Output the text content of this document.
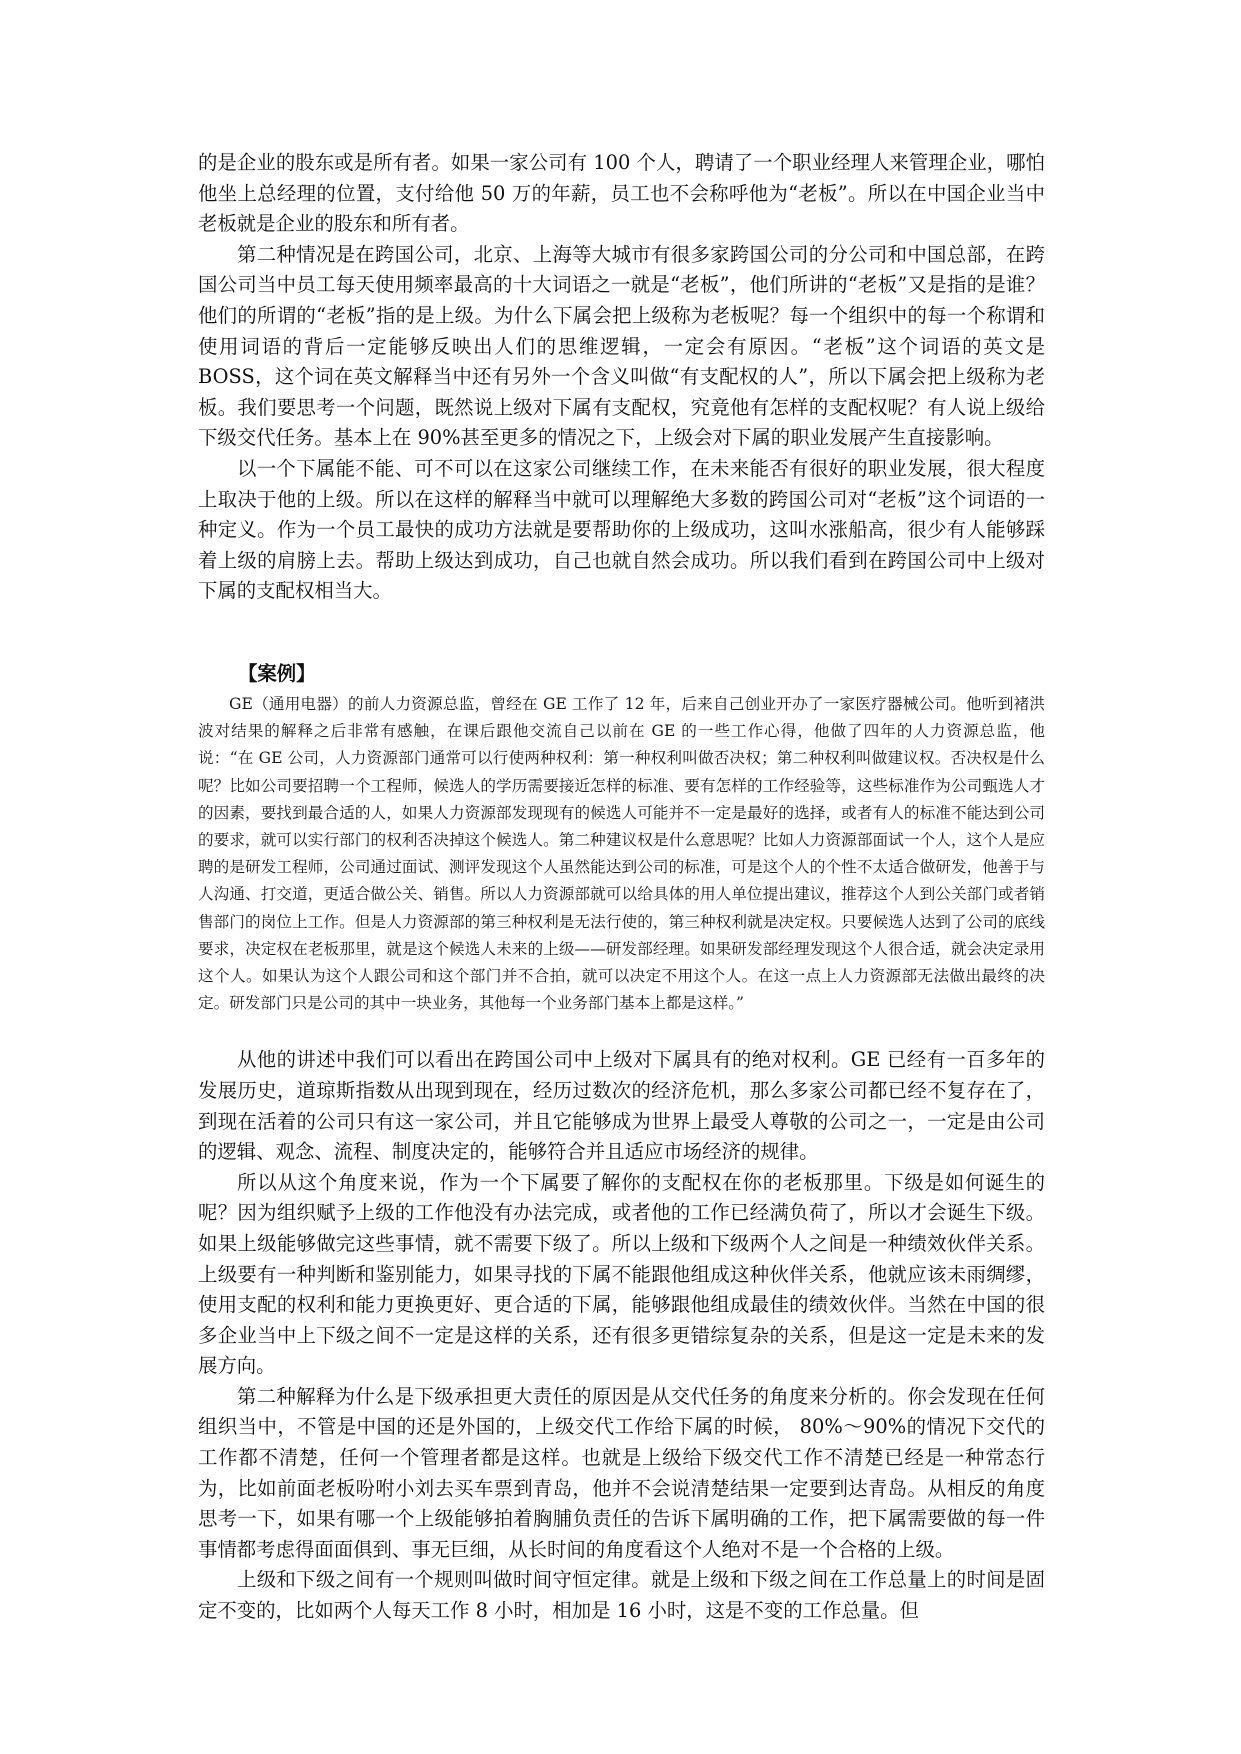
的是企业的股东或是所有者。如果一家公司有 100 个人，聘请了一个职业经理人来管理企业，哪怕他坐上总经理的位置，支付给他 50 万的年薪，员工也不会称呼他为“老板”。所以在中国企业当中老板就是企业的股东和所有者。

第二种情况是在跨国公司，北京、上海等大城市有很多家跨国公司的分公司和中国总部，在跨国公司当中员工每天使用频率最高的十大词语之一就是“老板”，他们所讲的“老板”又是指的是谁？他们的所谓的“老板”指的是上级。为什么下属会把上级称为老板呢？每一个组织中的每一个称谓和使用词语的背后一定能够反映出人们的思维逻辑，一定会有原因。“老板”这个词语的英文是 BOSS，这个词在英文解释当中还有另外一个含义叫做“有支配权的人”，所以下属会把上级称为老板。我们要思考一个问题，既然说上级对下属有支配权，究竟他有怎样的支配权呢？有人说上级给下级交代任务。基本上在 90%甚至更多的情况之下，上级会对下属的职业发展产生直接影响。

以一个下属能不能、可不可以在这家公司继续工作，在未来能否有很好的职业发展，很大程度上取决于他的上级。所以在这样的解释当中就可以理解绝大多数的跨国公司对“老板”这个词语的一种定义。作为一个员工最快的成功方法就是要帮助你的上级成功，这叫水涨船高，很少有人能够踩着上级的肩膀上去。帮助上级达到成功，自己也就自然会成功。所以我们看到在跨国公司中上级对下属的支配权相当大。

【案例】

GE（通用电器）的前人力资源总监，曾经在 GE 工作了 12 年，后来自己创业开办了一家医疗器械公司。他听到褚洪波对结果的解释之后非常有感触，在课后跟他交流自己以前在 GE 的一些工作心得，他做了四年的人力资源总监，他说：“在 GE 公司，人力资源部门通常可以行使两种权利：第一种权利叫做否决权；第二种权利叫做建议权。否决权是什么呢？比如公司要招聘一个工程师，候选人的学历需要接近怎样的标准、要有怎样的工作经验等，这些标准作为公司甄选人才的因素，要找到最合适的人，如果人力资源部发现现有的候选人可能并不一定是最好的选择，或者有人的标准不能达到公司的要求，就可以实行部门的权利否决掉这个候选人。第二种建议权是什么意思呢？比如人力资源部面试一个人，这个人是应聘的是研发工程师，公司通过面试、测评发现这个人虽然能达到公司的标准，可是这个人的个性不太适合做研发，他善于与人沟通、打交道，更适合做公关、销售。所以人力资源部就可以给具体的用人单位提出建议，推荐这个人到公关部门或者销售部门的岗位上工作。但是人力资源部的第三种权利是无法行使的，第三种权利就是决定权。只要候选人达到了公司的底线要求，决定权在老板那里，就是这个候选人未来的上级——研发部经理。如果研发部经理发现这个人很合适，就会决定录用这个人。如果认为这个人跟公司和这个部门并不合拍，就可以决定不用这个人。在这一点上人力资源部无法做出最终的决定。研发部门只是公司的其中一块业务，其他每一个业务部门基本上都是这样。”

从他的讲述中我们可以看出在跨国公司中上级对下属具有的绝对权利。GE 已经有一百多年的发展历史，道琼斯指数从出现到现在，经历过数次的经济危机，那么多家公司都已经不复存在了，到现在活着的公司只有这一家公司，并且它能够成为世界上最受人尊敬的公司之一，一定是由公司的逻辑、观念、流程、制度决定的，能够符合并且适应市场经济的规律。

所以从这个角度来说，作为一个下属要了解你的支配权在你的老板那里。下级是如何诞生的呢？因为组织赋予上级的工作他没有办法完成，或者他的工作已经满负荷了，所以才会诞生下级。如果上级能够做完这些事情，就不需要下级了。所以上级和下级两个人之间是一种绩效伙伴关系。上级要有一种判断和鉴别能力，如果寻找的下属不能跟他组成这种伙伴关系，他就应该未雨绸缪，使用支配的权利和能力更换更好、更合适的下属，能够跟他组成最佳的绩效伙伴。当然在中国的很多企业当中上下级之间不一定是这样的关系，还有很多更错综复杂的关系，但是这一定是未来的发展方向。

第二种解释为什么是下级承担更大责任的原因是从交代任务的角度来分析的。你会发现在任何组织当中，不管是中国的还是外国的，上级交代工作给下属的时候， 80%～90%的情况下交代的工作都不清楚，任何一个管理者都是这样。也就是上级给下级交代工作不清楚已经是一种常态行为，比如前面老板吩咐小刘去买车票到青岛，他并不会说清楚结果一定要到达青岛。从相反的角度思考一下，如果有哪一个上级能够拍着胸脯负责任的告诉下属明确的工作，把下属需要做的每一件事情都考虑得面面俱到、事无巨细，从长时间的角度看这个人绝对不是一个合格的上级。

上级和下级之间有一个规则叫做时间守恒定律。就是上级和下级之间在工作总量上的时间是固定不变的，比如两个人每天工作 8 小时，相加是 16 小时，这是不变的工作总量。但
